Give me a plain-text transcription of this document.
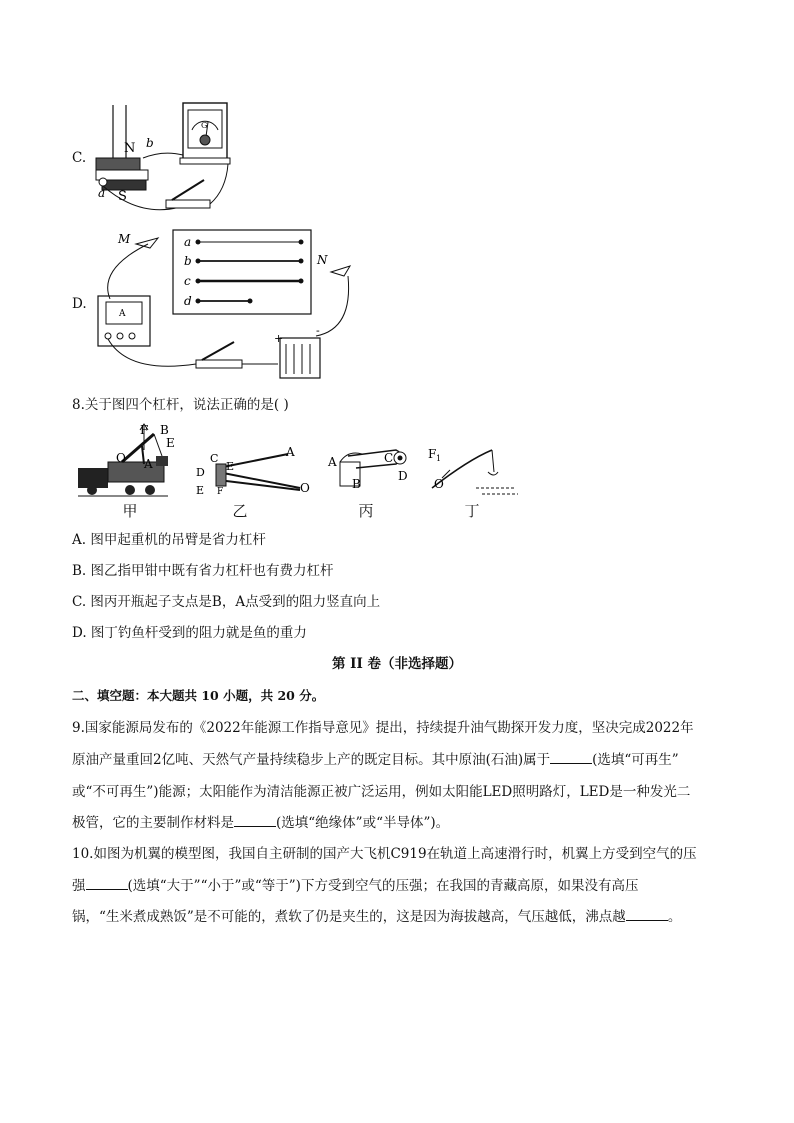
C.
N b
a S
G
D.
a
b
c
d
M
N
A
+
-
8.关于图四个杠杆，说法正确的是( )
F B
E
O A	C
E
D
E F
A
O
A
B
C
D
F 1
O
甲	乙	丙	丁
A. 图甲起重机的吊臂是省力杠杆
B. 图乙指甲钳中既有省力杠杆也有费力杠杆
C. 图丙开瓶起子支点是B，A点受到的阻力竖直向上
D. 图丁钓鱼杆受到的阻力就是鱼的重力
第 II 卷（非选择题）
二、填空题：本大题共 10 小题，共 20 分。
9.国家能源局发布的《2022年能源工作指导意见》提出，持续提升油气勘探开发力度，坚决完成2022年
原油产量重回2亿吨、天然气产量持续稳步上产的既定目标。其中原油(石油)属于	(选填“可再生”
或“不可再生”)能源；太阳能作为清洁能源正被广泛运用，例如太阳能LED照明路灯，LED是一种发光二
极管，它的主要制作材料是	(选填“绝缘体”或“半导体”)。
10.如图为机翼的模型图，我国自主研制的国产大飞机C919在轨道上高速滑行时，机翼上方受到空气的压
强	(选填“大于”“小于”或“等于”)下方受到空气的压强；在我国的青藏高原，如果没有高压
锅，“生米煮成熟饭”是不可能的，煮软了仍是夹生的，这是因为海拔越高，气压越低，沸点越	。
